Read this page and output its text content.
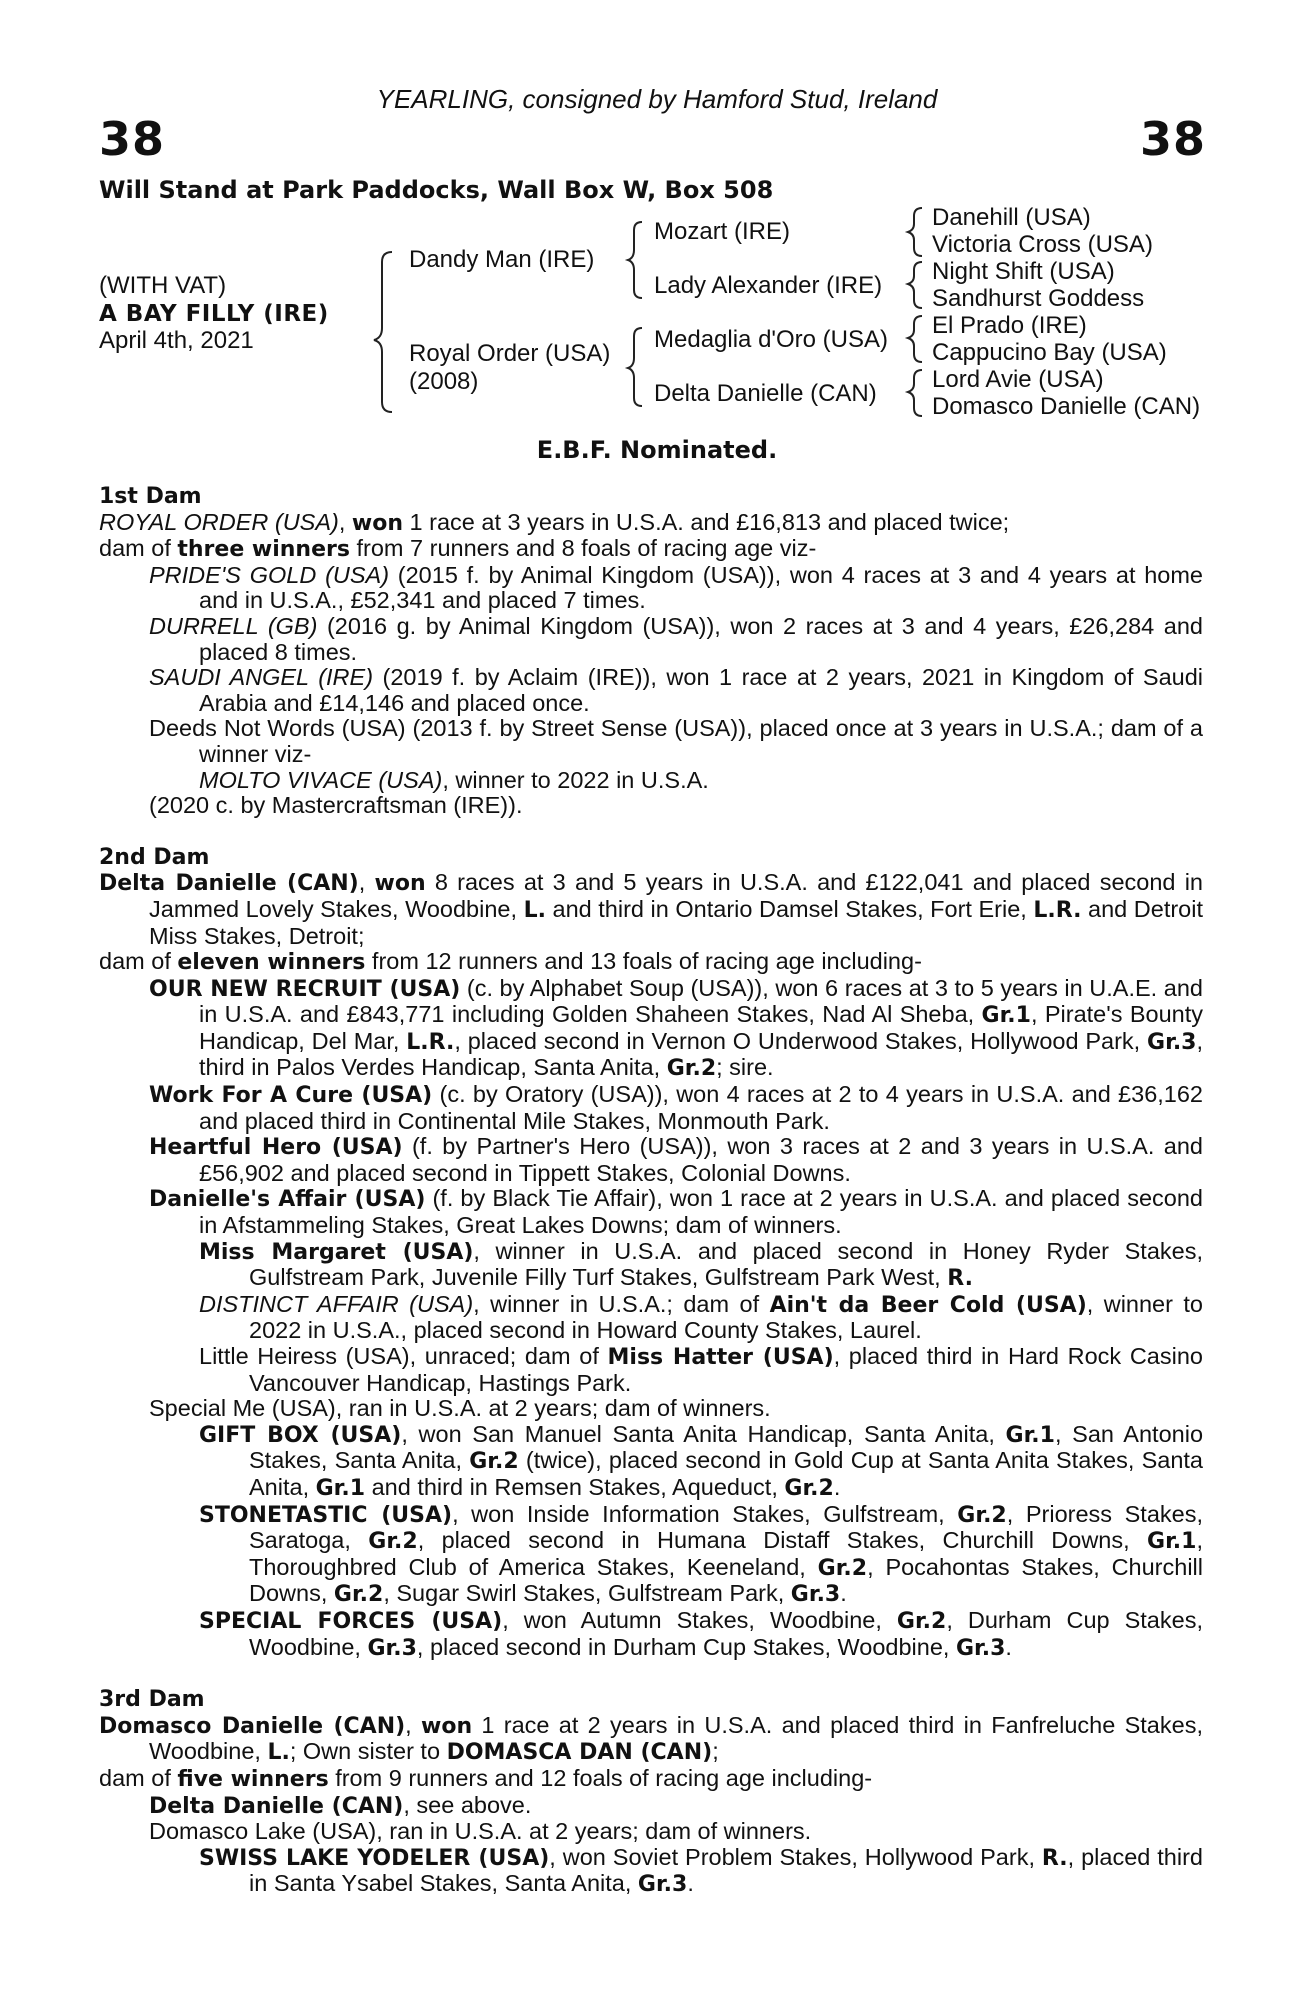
YEARLING, consigned by Hamford Stud, Ireland
38	38
Will Stand at Park Paddocks, Wall Box W, Box 508
(WITH VAT)
A BAY FILLY (IRE)
April 4th, 2021
Dandy Man (IRE)
Royal Order (USA)
(2008)
Mozart (IRE)
Lady Alexander (IRE)
Medaglia d'Oro (USA)
Delta Danielle (CAN)
Danehill (USA)
Victoria Cross (USA)
Night Shift (USA)
Sandhurst Goddess
El Prado (IRE)
Cappucino Bay (USA)
Lord Avie (USA)
Domasco Danielle (CAN)
E.B.F. Nominated.
1st Dam
ROYAL ORDER (USA), won 1 race at 3 years in U.S.A. and £16,813 and placed twice;
dam of three winners from 7 runners and 8 foals of racing age viz-
PRIDE'S GOLD (USA) (2015 f. by Animal Kingdom (USA)), won 4 races at 3 and 4 years at home and in U.S.A., £52,341 and placed 7 times.
DURRELL (GB) (2016 g. by Animal Kingdom (USA)), won 2 races at 3 and 4 years, £26,284 and placed 8 times.
SAUDI ANGEL (IRE) (2019 f. by Aclaim (IRE)), won 1 race at 2 years, 2021 in Kingdom of Saudi Arabia and £14,146 and placed once.
Deeds Not Words (USA) (2013 f. by Street Sense (USA)), placed once at 3 years in U.S.A.; dam of a winner viz-
MOLTO VIVACE (USA), winner to 2022 in U.S.A.
(2020 c. by Mastercraftsman (IRE)).
2nd Dam
Delta Danielle (CAN), won 8 races at 3 and 5 years in U.S.A. and £122,041 and placed second in Jammed Lovely Stakes, Woodbine, L. and third in Ontario Damsel Stakes, Fort Erie, L.R. and Detroit Miss Stakes, Detroit;
dam of eleven winners from 12 runners and 13 foals of racing age including-
OUR NEW RECRUIT (USA) (c. by Alphabet Soup (USA)), won 6 races at 3 to 5 years in U.A.E. and in U.S.A. and £843,771 including Golden Shaheen Stakes, Nad Al Sheba, Gr.1, Pirate's Bounty Handicap, Del Mar, L.R., placed second in Vernon O Underwood Stakes, Hollywood Park, Gr.3, third in Palos Verdes Handicap, Santa Anita, Gr.2; sire.
Work For A Cure (USA) (c. by Oratory (USA)), won 4 races at 2 to 4 years in U.S.A. and £36,162 and placed third in Continental Mile Stakes, Monmouth Park.
Heartful Hero (USA) (f. by Partner's Hero (USA)), won 3 races at 2 and 3 years in U.S.A. and £56,902 and placed second in Tippett Stakes, Colonial Downs.
Danielle's Affair (USA) (f. by Black Tie Affair), won 1 race at 2 years in U.S.A. and placed second in Afstammeling Stakes, Great Lakes Downs; dam of winners.
Miss Margaret (USA), winner in U.S.A. and placed second in Honey Ryder Stakes, Gulfstream Park, Juvenile Filly Turf Stakes, Gulfstream Park West, R.
DISTINCT AFFAIR (USA), winner in U.S.A.; dam of Ain't da Beer Cold (USA), winner to 2022 in U.S.A., placed second in Howard County Stakes, Laurel.
Little Heiress (USA), unraced; dam of Miss Hatter (USA), placed third in Hard Rock Casino Vancouver Handicap, Hastings Park.
Special Me (USA), ran in U.S.A. at 2 years; dam of winners.
GIFT BOX (USA), won San Manuel Santa Anita Handicap, Santa Anita, Gr.1, San Antonio Stakes, Santa Anita, Gr.2 (twice), placed second in Gold Cup at Santa Anita Stakes, Santa Anita, Gr.1 and third in Remsen Stakes, Aqueduct, Gr.2.
STONETASTIC (USA), won Inside Information Stakes, Gulfstream, Gr.2, Prioress Stakes, Saratoga, Gr.2, placed second in Humana Distaff Stakes, Churchill Downs, Gr.1, Thoroughbred Club of America Stakes, Keeneland, Gr.2, Pocahontas Stakes, Churchill Downs, Gr.2, Sugar Swirl Stakes, Gulfstream Park, Gr.3.
SPECIAL FORCES (USA), won Autumn Stakes, Woodbine, Gr.2, Durham Cup Stakes, Woodbine, Gr.3, placed second in Durham Cup Stakes, Woodbine, Gr.3.
3rd Dam
Domasco Danielle (CAN), won 1 race at 2 years in U.S.A. and placed third in Fanfreluche Stakes, Woodbine, L.; Own sister to DOMASCA DAN (CAN);
dam of five winners from 9 runners and 12 foals of racing age including-
Delta Danielle (CAN), see above.
Domasco Lake (USA), ran in U.S.A. at 2 years; dam of winners.
SWISS LAKE YODELER (USA), won Soviet Problem Stakes, Hollywood Park, R., placed third in Santa Ysabel Stakes, Santa Anita, Gr.3.
